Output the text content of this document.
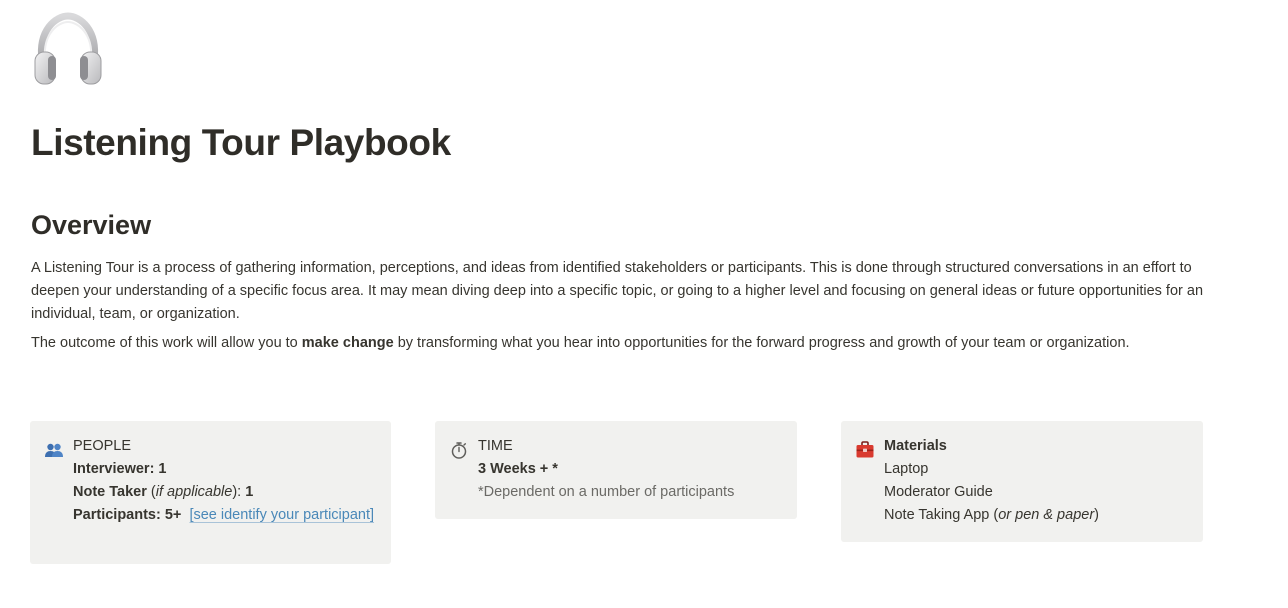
Listening Tour Playbook
Overview

A Listening Tour is a process of gathering information, perceptions, and ideas from identified stakeholders or participants. This is done through structured conversations in an effort to deepen your understanding of a specific focus area. It may mean diving deep into a specific topic, or going to a higher level and focusing on general ideas or future opportunities for an individual, team, or organization.

The outcome of this work will allow you to make change by transforming what you hear into opportunities for the forward progress and growth of your team or organization.

PEOPLE
Interviewer: 1
Note Taker (if applicable): 1
Participants: 5+ [see identify your participant]
TIME
3 Weeks + *
*Dependent on a number of participants
Materials
Laptop
Moderator Guide
Note Taking App (or pen & paper)
